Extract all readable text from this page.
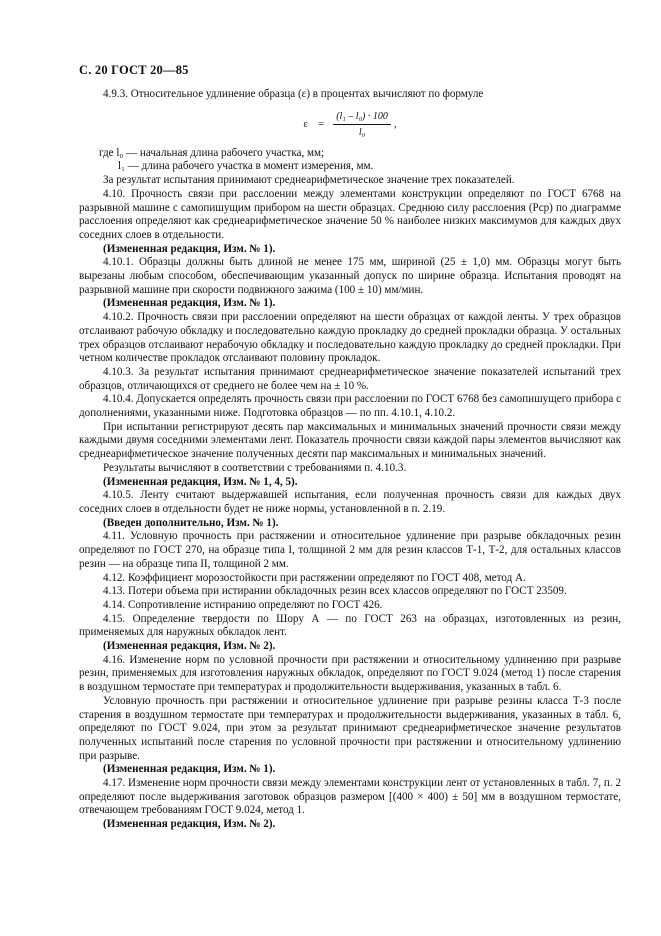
С. 20 ГОСТ 20—85

4.9.3. Относительное удлинение образца (ε) в процентах вычисляют по формуле

$\varepsilon = \frac{\text{(l₁ – l₀) · 100}}{\text{l₀}}$ ,

где l₀ — начальная длина рабочего участка, мм;

l₁ — длина рабочего участка в момент измерения, мм.

За результат испытания принимают среднеарифметическое значение трех показателей.

4.10. Прочность связи при расслоении между элементами конструкции определяют по ГОСТ 6768 на разрывной машине с самопишущим прибором на шести образцах. Среднюю силу расслоения (Pср) по диаграмме расслоения определяют как среднеарифметическое значение 50 % наиболее низких максимумов для каждых двух соседних слоев в отдельности.

(Измененная редакция, Изм. № 1).

4.10.1. Образцы должны быть длиной не менее 175 мм, шириной (25 ± 1,0) мм. Образцы могут быть вырезаны любым способом, обеспечивающим указанный допуск по ширине образца. Испытания проводят на разрывной машине при скорости подвижного зажима (100 ± 10) мм/мин.

(Измененная редакция, Изм. № 1).

4.10.2. Прочность связи при расслоении определяют на шести образцах от каждой ленты. У трех образцов отслаивают рабочую обкладку и последовательно каждую прокладку до средней прокладки образца. У остальных трех образцов отслаивают нерабочую обкладку и последовательно каждую прокладку до средней прокладки. При четном количестве прокладок отслаивают половину прокладок.

4.10.3. За результат испытания принимают среднеарифметическое значение показателей испытаний трех образцов, отличающихся от среднего не более чем на ± 10 %.

4.10.4. Допускается определять прочность связи при расслоении по ГОСТ 6768 без самопишущего прибора с дополнениями, указанными ниже. Подготовка образцов — по пп. 4.10.1, 4.10.2.

При испытании регистрируют десять пар максимальных и минимальных значений прочности связи между каждыми двумя соседними элементами лент. Показатель прочности связи каждой пары элементов вычисляют как среднеарифметическое значение полученных десяти пар максимальных и минимальных значений.

Результаты вычисляют в соответствии с требованиями п. 4.10.3.

(Измененная редакция, Изм. № 1, 4, 5).

4.10.5. Ленту считают выдержавшей испытания, если полученная прочность связи для каждых двух соседних слоев в отдельности будет не ниже нормы, установленной в п. 2.19.

(Введен дополнительно, Изм. № 1).

4.11. Условную прочность при растяжении и относительное удлинение при разрыве обкладочных резин определяют по ГОСТ 270, на образце типа I, толщиной 2 мм для резин классов Т-1, Т-2, для остальных классов резин — на образце типа II, толщиной 2 мм.

4.12. Коэффициент морозостойкости при растяжении определяют по ГОСТ 408, метод А.

4.13. Потери объема при истирании обкладочных резин всех классов определяют по ГОСТ 23509.

4.14. Сопротивление истиранию определяют по ГОСТ 426.

4.15. Определение твердости по Шору А — по ГОСТ 263 на образцах, изготовленных из резин, применяемых для наружных обкладок лент.

(Измененная редакция, Изм. № 2).

4.16. Изменение норм по условной прочности при растяжении и относительному удлинению при разрыве резин, применяемых для изготовления наружных обкладок, определяют по ГОСТ 9.024 (метод 1) после старения в воздушном термостате при температурах и продолжительности выдерживания, указанных в табл. 6.

Условную прочность при растяжении и относительное удлинение при разрыве резины класса Т-3 после старения в воздушном термостате при температурах и продолжительности выдерживания, указанных в табл. 6, определяют по ГОСТ 9.024, при этом за результат принимают среднеарифметическое значение результатов полученных испытаний после старения по условной прочности при растяжении и относительному удлинению при разрыве.

(Измененная редакция, Изм. № 1).

4.17. Изменение норм прочности связи между элементами конструкции лент от установленных в табл. 7, п. 2 определяют после выдерживания заготовок образцов размером [(400 × 400) ± 50] мм в воздушном термостате, отвечающем требованиям ГОСТ 9.024, метод 1.

(Измененная редакция, Изм. № 2).
